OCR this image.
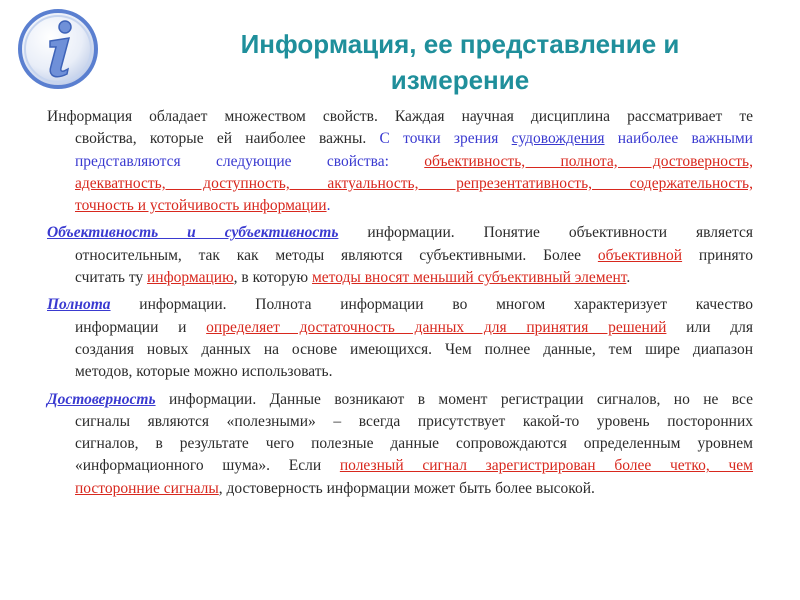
Информация, ее представление и
измерение

Информация обладает множеством свойств. Каждая научная дисциплина рассматривает те
свойства, которые ей наиболее важны. С точки зрения судовождения наиболее важными
представляются следующие свойства: объективность, полнота, достоверность,
адекватность, доступность, актуальность, репрезентативность, содержательность,
точность и устойчивость информации.

Объективность и субъективность информации. Понятие объективности является
относительным, так как методы являются субъективными. Более объективной принято
считать ту информацию, в которую методы вносят меньший субъективный элемент.

Полнота информации. Полнота информации во многом характеризует качество
информации и определяет достаточность данных для принятия решений или для
создания новых данных на основе имеющихся. Чем полнее данные, тем шире диапазон
методов, которые можно использовать.

Достоверность информации. Данные возникают в момент регистрации сигналов, но не все
сигналы являются «полезными» – всегда присутствует какой-то уровень посторонних
сигналов, в результате чего полезные данные сопровождаются определенным уровнем
«информационного шума». Если полезный сигнал зарегистрирован более четко, чем
посторонние сигналы, достоверность информации может быть более высокой.
